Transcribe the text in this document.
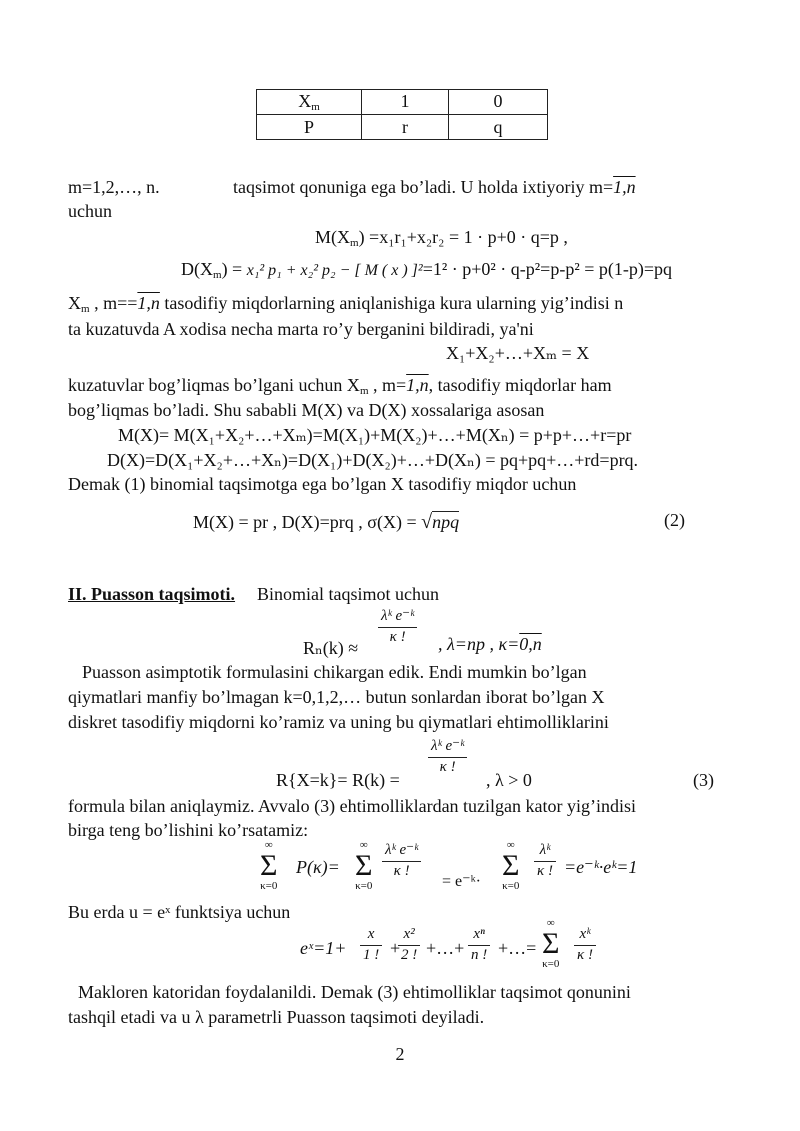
$X_m$	1	0
P	r	q
m=1,2,…, n.	taqsimot qonuniga ega bo’ladi. U holda ixtiyoriy m=1,n
uchun
$M(X_m) =x_1r_1+x_2r_2 = 1 \cdot p+0 \cdot q=p$ ,
$D(X_m) = x_1^2$ p₁ + x₂² p₂ − [ M ( x ) ]²=1² · p+0² · q-p²=p-p² = p(1-p)=pq
$X_m$ , m==1,n tasodifiy miqdorlarning aniqlanishiga kura ularning yig’indisi n
ta kuzatuvda A xodisa necha marta ro’y berganini bildiradi, ya'ni
X₁+X₂+…+Xₘ = X
kuzatuvlar bog’liqmas bo’lgani uchun $X_m$ , m=1,n, tasodifiy miqdorlar ham
bog’liqmas bo’ladi. Shu sababli M(X) va D(X) xossalariga asosan
M(X)= M(X₁+X₂+…+Xₘ)=M(X₁)+M(X₂)+…+M(Xₙ) = p+p+…+r=pr
D(X)=D(X₁+X₂+…+Xₙ)=D(X₁)+D(X₂)+…+D(Xₙ) = pq+pq+…+rd=prq.
Demak (1) binomial taqsimotga ega bo’lgan X tasodifiy miqdor uchun
M(X) = pr , D(X)=prq , σ(X) = √npq	(2)
II. Puasson taqsimoti. Binomial taqsimot uchun
Rₙ(k) ≈
$\frac{\text{λᵏ e⁻ᵏ}}{\kappa !}$ , λ=np , κ=0,n
Puasson asimptotik formulasini chikargan edik. Endi mumkin bo’lgan
qiymatlari manfiy bo’lmagan k=0,1,2,… butun sonlardan iborat bo’lgan X
diskret tasodifiy miqdorni ko’ramiz va uning bu qiymatlari ehtimolliklarini
R{X=k}= R(k) =
$\frac{\text{λᵏ e⁻ᵏ}}{\kappa !}$
, λ > 0	(3)
formula bilan aniqlaymiz. Avvalo (3) ehtimolliklardan tuzilgan kator yig’indisi
birga teng bo’lishini ko’rsatamiz:
∞
Σ
κ=0
P(κ)=
∞
Σ
κ=0
$\frac{\text{λᵏ e⁻ᵏ}}{\kappa !}$
= e⁻ᵏ·
∞
Σ
κ=0
$\frac{\text{λᵏ}}{\kappa !}$ =e⁻ᵏ·eᵏ=1
Bu erda u = eˣ funktsiya uchun
eˣ=1+ $\frac{x}{1 !}$ +
$\frac{\text{x²}}{2 !}$ +…+ $\frac{\text{xⁿ}}{n !}$ +…=
∞
Σ
$\kappa=0 \frac{\text{xᵏ}}{\kappa !}$
Makloren katoridan foydalanildi. Demak (3) ehtimolliklar taqsimot qonunini
tashqil etadi va u λ parametrli Puasson taqsimoti deyiladi.
2
